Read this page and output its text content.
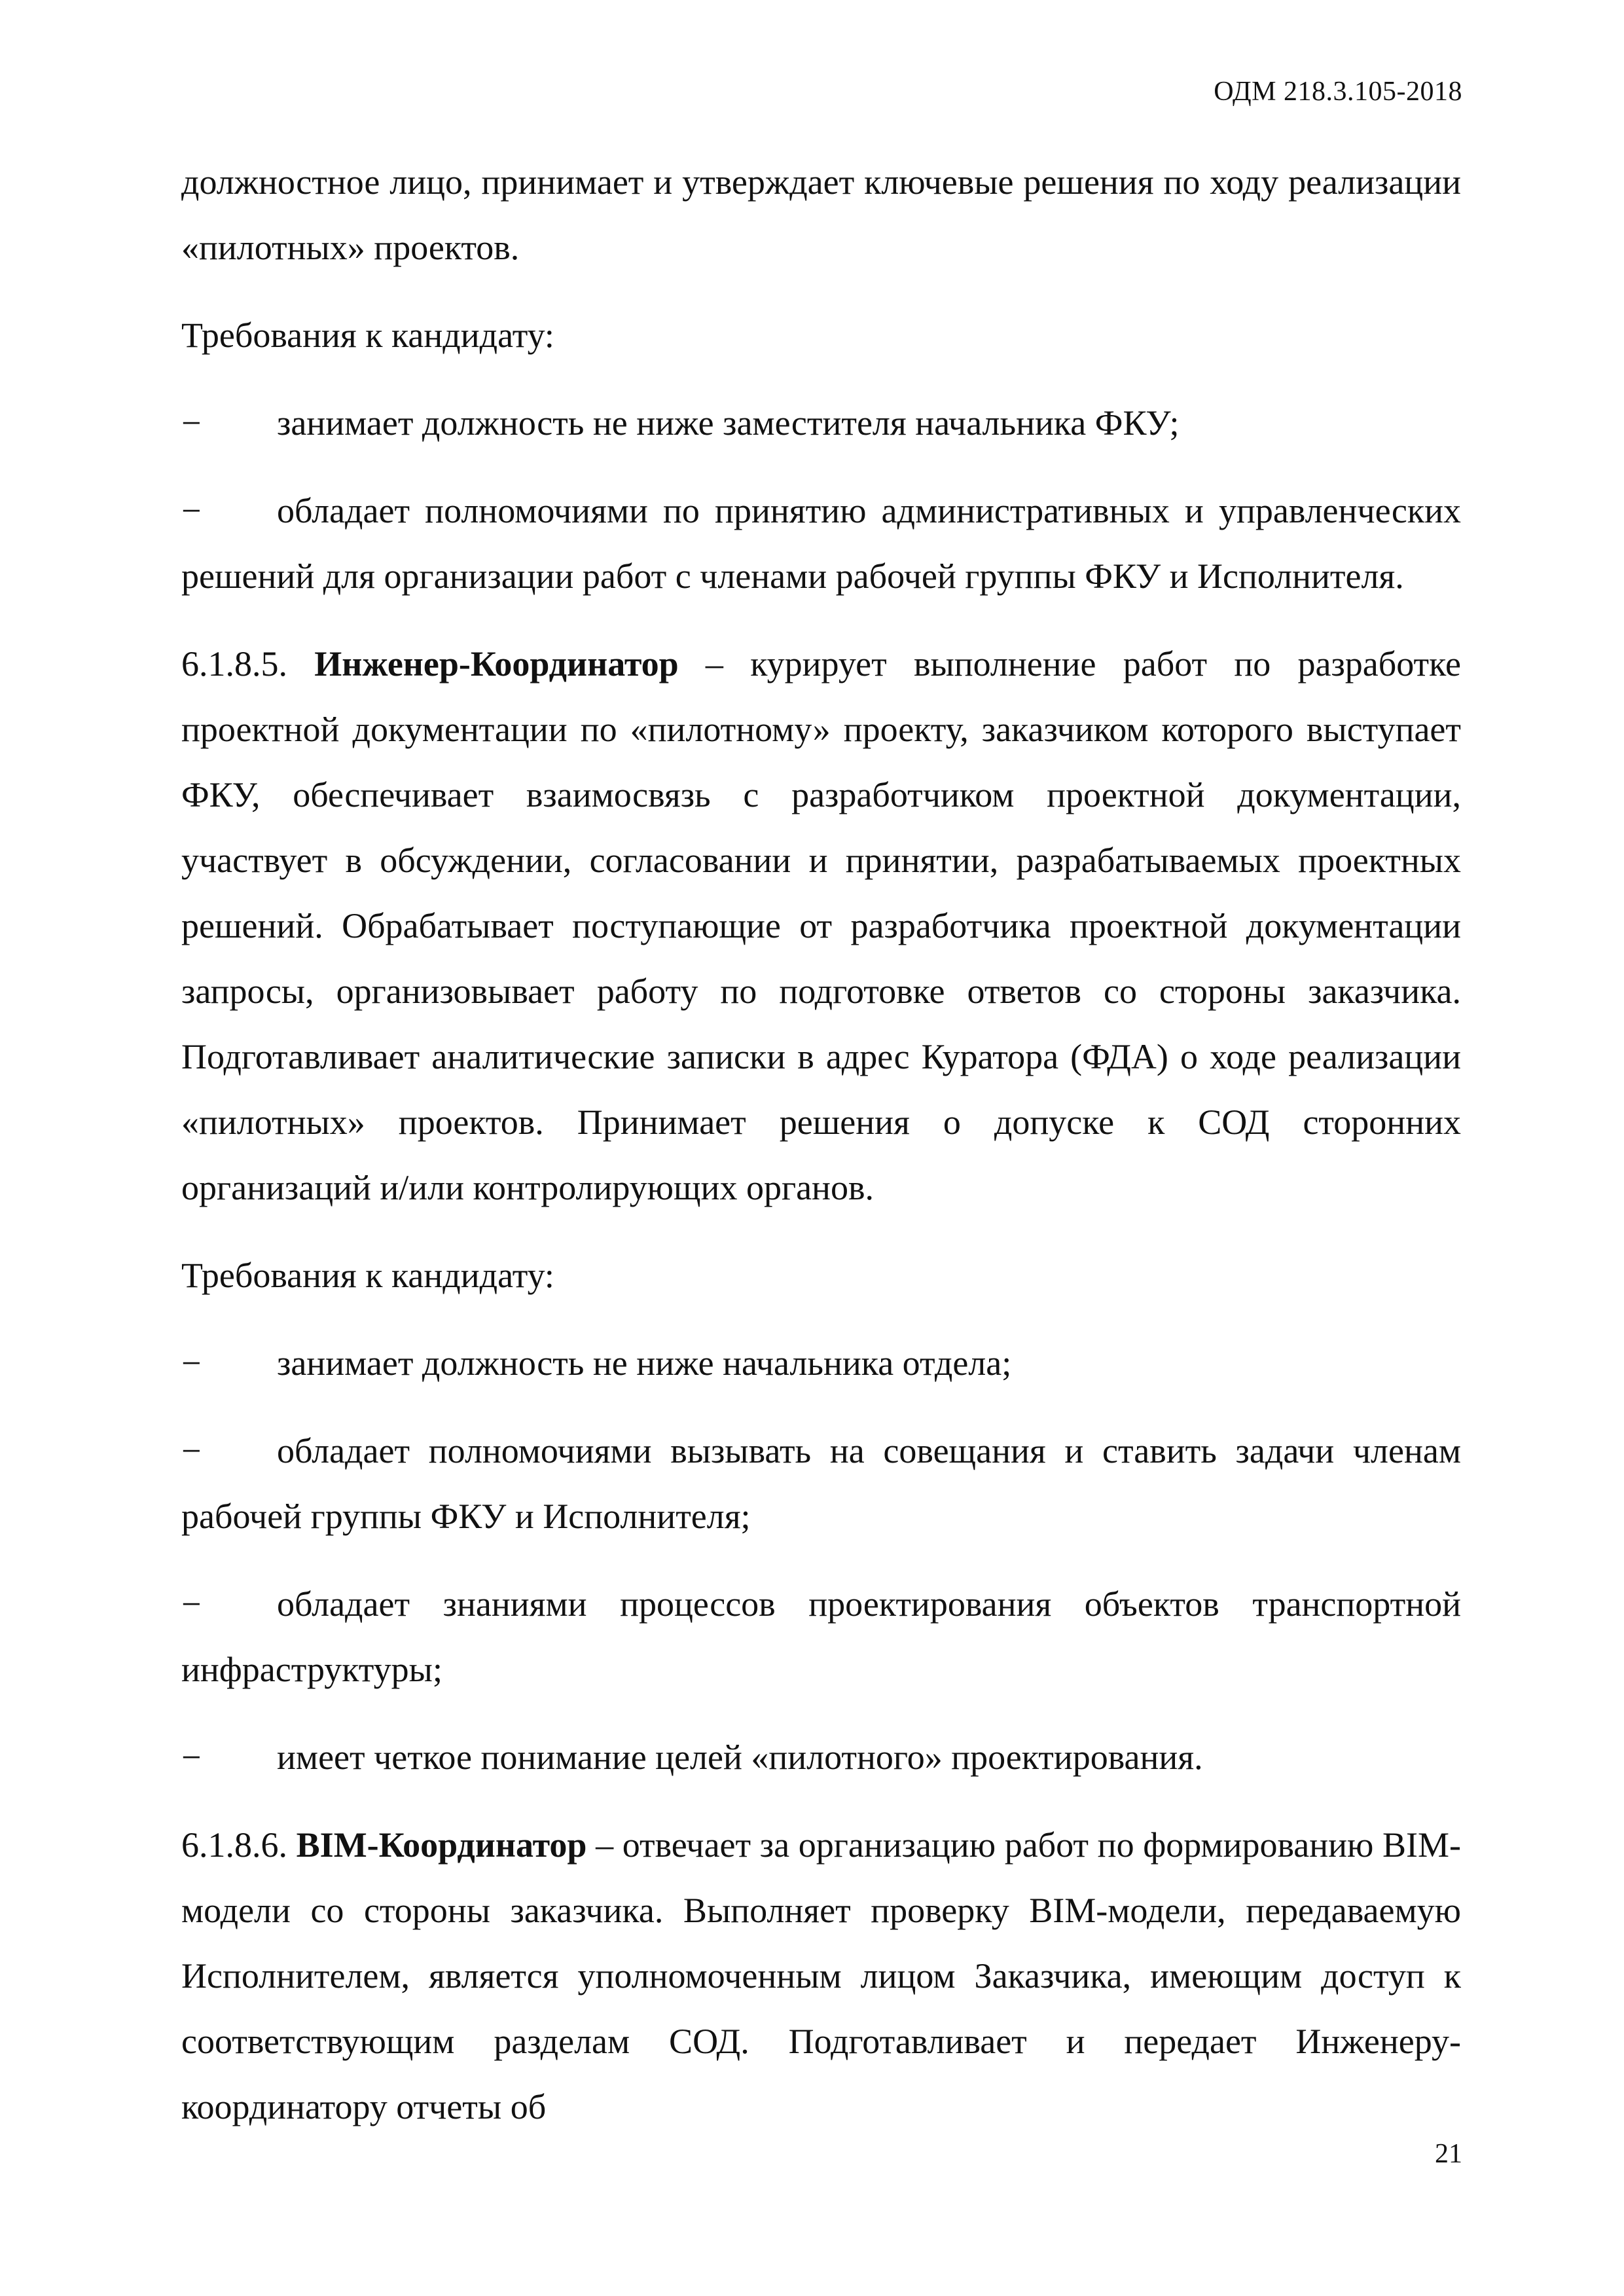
ОДМ 218.3.105-2018

должностное лицо, принимает и утверждает ключевые решения по ходу реализации «пилотных» проектов.

Требования к кандидату:

− занимает должность не ниже заместителя начальника ФКУ;

− обладает полномочиями по принятию административных и управленческих решений для организации работ с членами рабочей группы ФКУ и Исполнителя.

6.1.8.5. Инженер-Координатор – курирует выполнение работ по разработке проектной документации по «пилотному» проекту, заказчиком которого выступает ФКУ, обеспечивает взаимосвязь с разработчиком проектной документации, участвует в обсуждении, согласовании и принятии, разрабатываемых проектных решений. Обрабатывает поступающие от разработчика проектной документации запросы, организовывает работу по подготовке ответов со стороны заказчика. Подготавливает аналитические записки в адрес Куратора (ФДА) о ходе реализации «пилотных» проектов. Принимает решения о допуске к СОД сторонних организаций и/или контролирующих органов.

Требования к кандидату:

− занимает должность не ниже начальника отдела;

− обладает полномочиями вызывать на совещания и ставить задачи членам рабочей группы ФКУ и Исполнителя;

− обладает знаниями процессов проектирования объектов транспортной инфраструктуры;

− имеет четкое понимание целей «пилотного» проектирования.

6.1.8.6. BIM-Координатор – отвечает за организацию работ по формированию BIM-модели со стороны заказчика. Выполняет проверку BIM-модели, передаваемую Исполнителем, является уполномоченным лицом Заказчика, имеющим доступ к соответствующим разделам СОД. Подготавливает и передает Инженеру-координатору отчеты об

21
